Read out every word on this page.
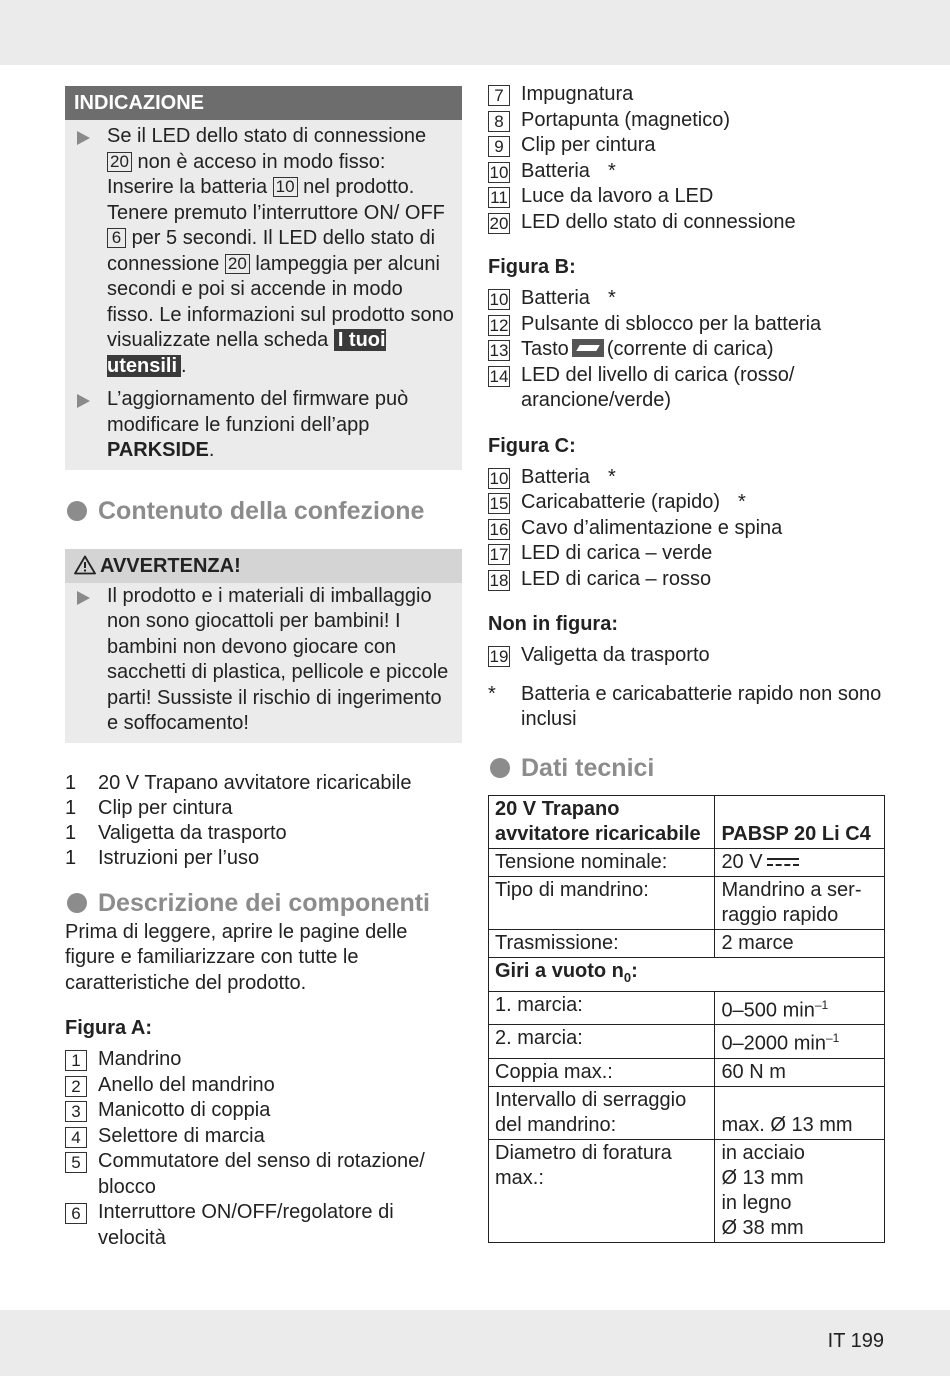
INDICAZIONE
Se il LED dello stato di connessione 20 non è acceso in modo fisso:
Inserire la batteria 10 nel prodotto. Tenere premuto l’interruttore ON/ OFF 6 per 5 secondi. Il LED dello stato di connessione 20 lampeggia per alcuni secondi e poi si accende in modo fisso. Le informazioni sul prodotto sono visualizzate nella scheda I tuoi utensili .
L’aggiornamento del firmware può modificare le funzioni dell’app PARKSIDE.
Contenuto della confezione
AVVERTENZA!
Il prodotto e i materiali di imballaggio non sono giocattoli per bambini! I bambini non devono giocare con sacchetti di plastica, pellicole e piccole parti! Sussiste il rischio di ingerimento e soffocamento!
1 20 V Trapano avvitatore ricaricabile
1 Clip per cintura
1 Valigetta da trasporto
1 Istruzioni per l’uso
Descrizione dei componenti
Prima di leggere, aprire le pagine delle figure e familiarizzare con tutte le caratteristiche del prodotto.
Figura A:
1 Mandrino
2 Anello del mandrino
3 Manicotto di coppia
4 Selettore di marcia
5 Commutatore del senso di rotazione/ blocco
6 Interruttore ON/OFF/regolatore di velocità
7 Impugnatura
8 Portapunta (magnetico)
9 Clip per cintura
10 Batteria *
11 Luce da lavoro a LED
20 LED dello stato di connessione
Figura B:
10 Batteria *
12 Pulsante di sblocco per la batteria
13 Tasto (corrente di carica)
14 LED del livello di carica (rosso/ arancione/verde)
Figura C:
10 Batteria *
15 Caricabatterie (rapido) *
16 Cavo d’alimentazione e spina
17 LED di carica – verde
18 LED di carica – rosso
Non in figura:
19 Valigetta da trasporto
* Batteria e caricabatterie rapido non sono inclusi
Dati tecnici
20 V Trapano avvitatore ricaricabile	PABSP 20 Li C4
Tensione nominale:	20 V
Tipo di mandrino:	Mandrino a ser-raggio rapido
Trasmissione:	2 marce
Giri a vuoto $n_0$:	
1. marcia:	0–500 $\min^{-1}$
2. marcia:	0–2000 $\min^{-1}$
Coppia max.:	60 N m
Intervallo di serraggio del mandrino:	max. Ø 13 mm
Diametro di foratura max.:	in acciaio
Ø 13 mm
in legno
Ø 38 mm
IT 199
